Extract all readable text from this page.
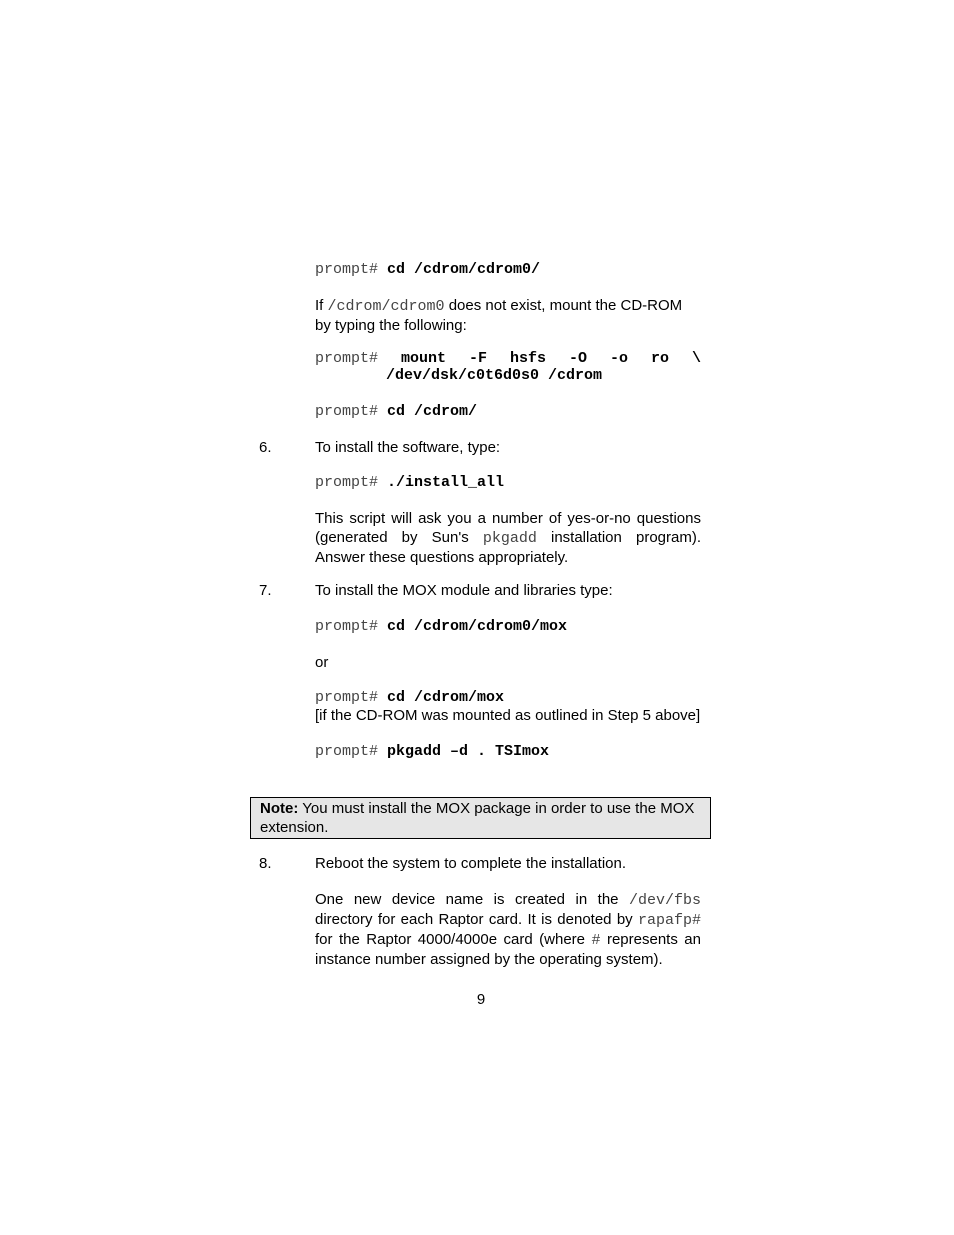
prompt# cd /cdrom/cdrom0/
If /cdrom/cdrom0 does not exist, mount the CD-ROM by typing the following:
prompt# mount -F hsfs -O -o ro \
/dev/dsk/c0t6d0s0 /cdrom
prompt# cd /cdrom/
6.	To install the software, type:
prompt# ./install_all
This script will ask you a number of yes-or-no questions (generated by Sun's pkgadd installation program). Answer these questions appropriately.
7.	To install the MOX module and libraries type:
prompt# cd /cdrom/cdrom0/mox
or
prompt# cd /cdrom/mox
[if the CD-ROM was mounted as outlined in Step 5 above]
prompt# pkgadd –d . TSImox
Note: You must install the MOX package in order to use the MOX extension.
8.	Reboot the system to complete the installation.
One new device name is created in the /dev/fbs directory for each Raptor card. It is denoted by rapafp# for the Raptor 4000/4000e card (where # represents an instance number assigned by the operating system).
9
